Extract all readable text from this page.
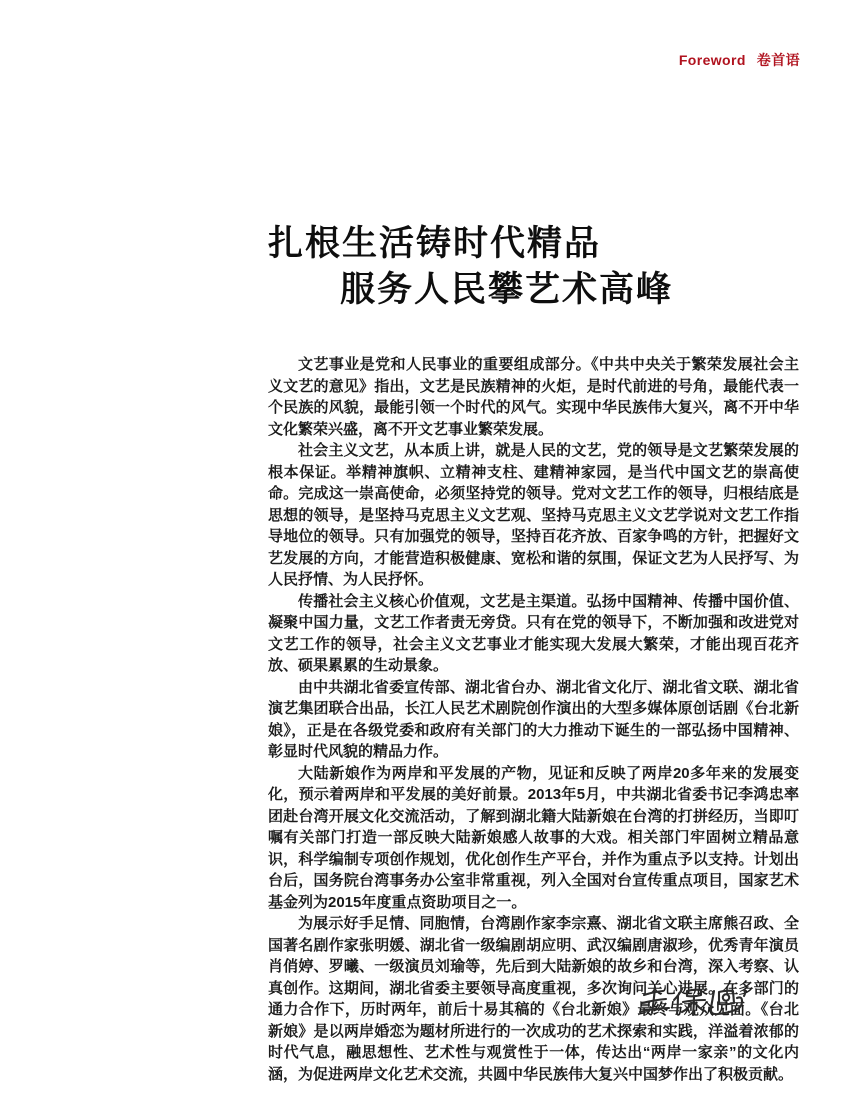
Foreword 卷首语
扎根生活铸时代精品
服务人民攀艺术高峰

文艺事业是党和人民事业的重要组成部分。《中共中央关于繁荣发展社会主义文艺的意见》指出，文艺是民族精神的火炬，是时代前进的号角，最能代表一个民族的风貌，最能引领一个时代的风气。实现中华民族伟大复兴，离不开中华文化繁荣兴盛，离不开文艺事业繁荣发展。

社会主义文艺，从本质上讲，就是人民的文艺，党的领导是文艺繁荣发展的根本保证。举精神旗帜、立精神支柱、建精神家园，是当代中国文艺的崇高使命。完成这一崇高使命，必须坚持党的领导。党对文艺工作的领导，归根结底是思想的领导，是坚持马克思主义文艺观、坚持马克思主义文艺学说对文艺工作指导地位的领导。只有加强党的领导，坚持百花齐放、百家争鸣的方针，把握好文艺发展的方向，才能营造积极健康、宽松和谐的氛围，保证文艺为人民抒写、为人民抒情、为人民抒怀。

传播社会主义核心价值观，文艺是主渠道。弘扬中国精神、传播中国价值、凝聚中国力量，文艺工作者责无旁贷。只有在党的领导下，不断加强和改进党对文艺工作的领导，社会主义文艺事业才能实现大发展大繁荣，才能出现百花齐放、硕果累累的生动景象。

由中共湖北省委宣传部、湖北省台办、湖北省文化厅、湖北省文联、湖北省演艺集团联合出品，长江人民艺术剧院创作演出的大型多媒体原创话剧《台北新娘》，正是在各级党委和政府有关部门的大力推动下诞生的一部弘扬中国精神、彰显时代风貌的精品力作。

大陆新娘作为两岸和平发展的产物，见证和反映了两岸20多年来的发展变化，预示着两岸和平发展的美好前景。2013年5月，中共湖北省委书记李鸿忠率团赴台湾开展文化交流活动，了解到湖北籍大陆新娘在台湾的打拼经历，当即叮嘱有关部门打造一部反映大陆新娘感人故事的大戏。相关部门牢固树立精品意识，科学编制专项创作规划，优化创作生产平台，并作为重点予以支持。计划出台后，国务院台湾事务办公室非常重视，列入全国对台宣传重点项目，国家艺术基金列为2015年度重点资助项目之一。

为展示好手足情、同胞情，台湾剧作家李宗熹、湖北省文联主席熊召政、全国著名剧作家张明媛、湖北省一级编剧胡应明、武汉编剧唐淑珍，优秀青年演员肖俏婷、罗曦、一级演员刘瑜等，先后到大陆新娘的故乡和台湾，深入考察、认真创作。这期间，湖北省委主要领导高度重视，多次询问关心进展。在多部门的通力合作下，历时两年，前后十易其稿的《台北新娘》最终与观众见面。《台北新娘》是以两岸婚恋为题材所进行的一次成功的艺术探索和实践，洋溢着浓郁的时代气息，融思想性、艺术性与观赏性于一体，传达出“两岸一家亲”的文化内涵，为促进两岸文化艺术交流，共圆中华民族伟大复兴中国梦作出了积极贡献。
